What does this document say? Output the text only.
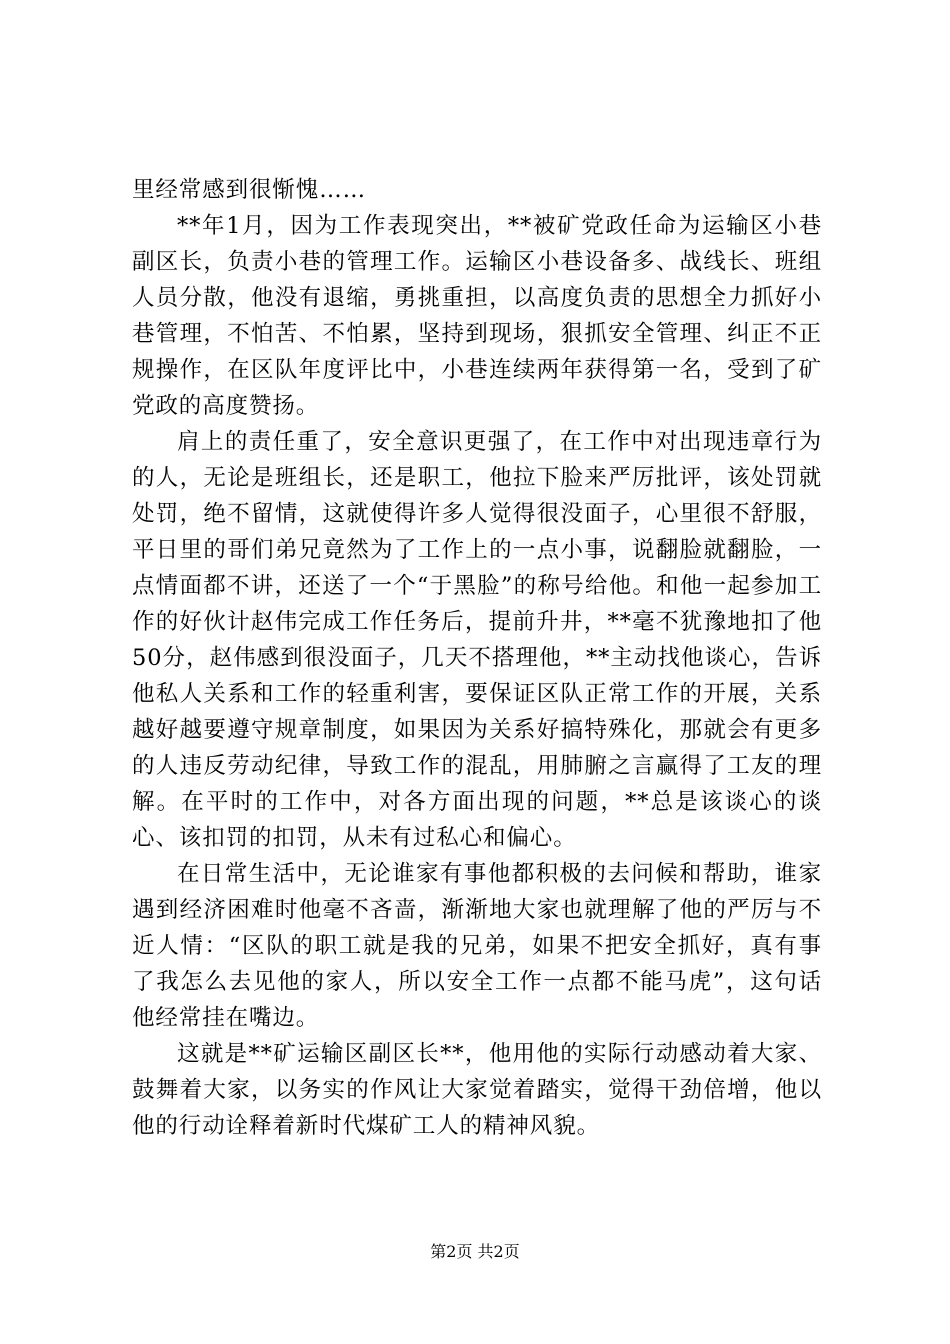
里经常感到很惭愧……

**年1月，因为工作表现突出，**被矿党政任命为运输区小巷副区长，负责小巷的管理工作。运输区小巷设备多、战线长、班组人员分散，他没有退缩，勇挑重担，以高度负责的思想全力抓好小巷管理，不怕苦、不怕累，坚持到现场，狠抓安全管理、纠正不正规操作，在区队年度评比中，小巷连续两年获得第一名，受到了矿党政的高度赞扬。

肩上的责任重了，安全意识更强了，在工作中对出现违章行为的人，无论是班组长，还是职工，他拉下脸来严厉批评，该处罚就处罚，绝不留情，这就使得许多人觉得很没面子，心里很不舒服，平日里的哥们弟兄竟然为了工作上的一点小事，说翻脸就翻脸，一点情面都不讲，还送了一个“于黑脸”的称号给他。和他一起参加工作的好伙计赵伟完成工作任务后，提前升井，**毫不犹豫地扣了他50分，赵伟感到很没面子，几天不搭理他，**主动找他谈心，告诉他私人关系和工作的轻重利害，要保证区队正常工作的开展，关系越好越要遵守规章制度，如果因为关系好搞特殊化，那就会有更多的人违反劳动纪律，导致工作的混乱，用肺腑之言赢得了工友的理解。在平时的工作中，对各方面出现的问题，**总是该谈心的谈心、该扣罚的扣罚，从未有过私心和偏心。

在日常生活中，无论谁家有事他都积极的去问候和帮助，谁家遇到经济困难时他毫不吝啬，渐渐地大家也就理解了他的严厉与不近人情：“区队的职工就是我的兄弟，如果不把安全抓好，真有事了我怎么去见他的家人，所以安全工作一点都不能马虎”，这句话他经常挂在嘴边。

这就是**矿运输区副区长**，他用他的实际行动感动着大家、鼓舞着大家，以务实的作风让大家觉着踏实，觉得干劲倍增，他以他的行动诠释着新时代煤矿工人的精神风貌。

第2页 共2页
